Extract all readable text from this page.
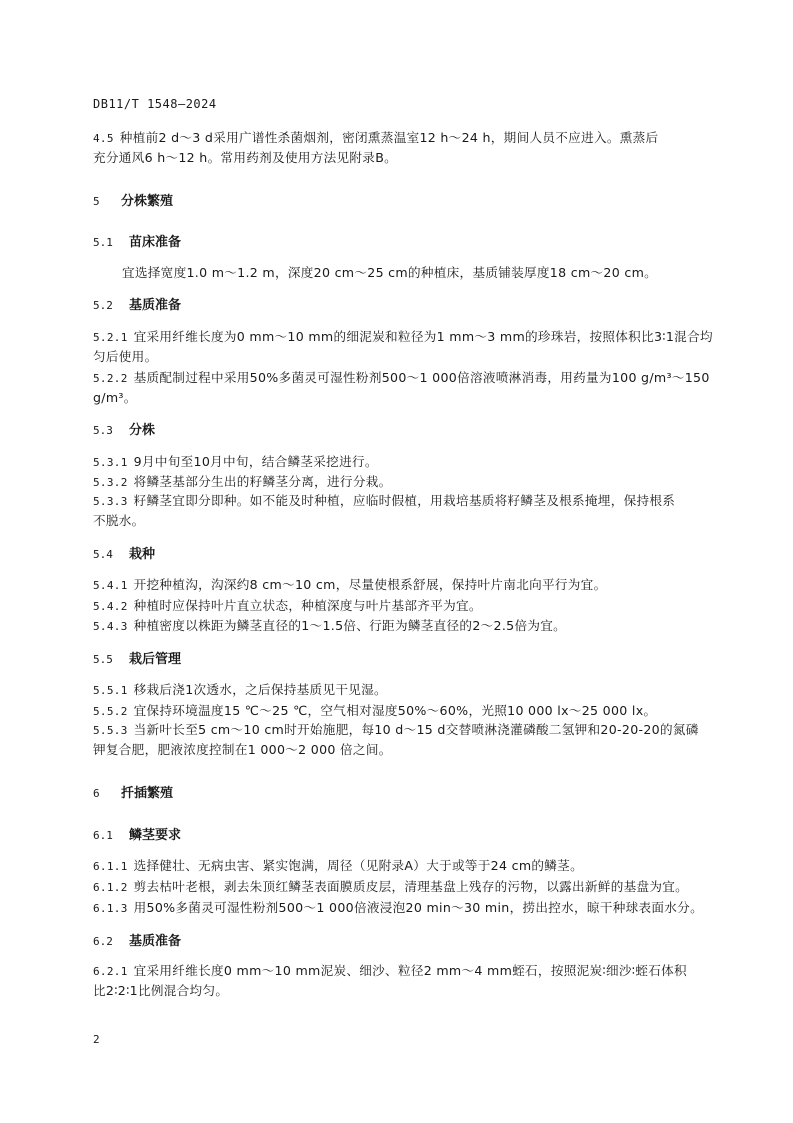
DB11/T 1548—2024
4.5 种植前2 d～3 d采用广谱性杀菌烟剂，密闭熏蒸温室12 h～24 h，期间人员不应进入。熏蒸后
充分通风6 h～12 h。常用药剂及使用方法见附录B。
5 分株繁殖
5.1 苗床准备
宜选择宽度1.0 m～1.2 m，深度20 cm～25 cm的种植床，基质铺装厚度18 cm～20 cm。
5.2 基质准备
5.2.1 宜采用纤维长度为0 mm～10 mm的细泥炭和粒径为1 mm～3 mm的珍珠岩，按照体积比3∶1混合均
匀后使用。
5.2.2 基质配制过程中采用50%多菌灵可湿性粉剂500～1 000倍溶液喷淋消毒，用药量为100 g/m³～150
g/m³。
5.3 分株
5.3.1 9月中旬至10月中旬，结合鳞茎采挖进行。
5.3.2 将鳞茎基部分生出的籽鳞茎分离，进行分栽。
5.3.3 籽鳞茎宜即分即种。如不能及时种植，应临时假植，用栽培基质将籽鳞茎及根系掩埋，保持根系
不脱水。
5.4 栽种
5.4.1 开挖种植沟，沟深约8 cm～10 cm，尽量使根系舒展，保持叶片南北向平行为宜。
5.4.2 种植时应保持叶片直立状态，种植深度与叶片基部齐平为宜。
5.4.3 种植密度以株距为鳞茎直径的1～1.5倍、行距为鳞茎直径的2～2.5倍为宜。
5.5 栽后管理
5.5.1 移栽后浇1次透水，之后保持基质见干见湿。
5.5.2 宜保持环境温度15 ℃～25 ℃，空气相对湿度50%～60%，光照10 000 lx～25 000 lx。
5.5.3 当新叶长至5 cm～10 cm时开始施肥，每10 d～15 d交替喷淋浇灌磷酸二氢钾和20-20-20的氮磷
钾复合肥，肥液浓度控制在1 000～2 000 倍之间。
6 扦插繁殖
6.1 鳞茎要求
6.1.1 选择健壮、无病虫害、紧实饱满，周径（见附录A）大于或等于24 cm的鳞茎。
6.1.2 剪去枯叶老根，剥去朱顶红鳞茎表面膜质皮层，清理基盘上残存的污物，以露出新鲜的基盘为宜。
6.1.3 用50%多菌灵可湿性粉剂500～1 000倍液浸泡20 min～30 min，捞出控水，晾干种球表面水分。
6.2 基质准备
6.2.1 宜采用纤维长度0 mm～10 mm泥炭、细沙、粒径2 mm～4 mm蛭石，按照泥炭∶细沙∶蛭石体积
比2∶2∶1比例混合均匀。
2
